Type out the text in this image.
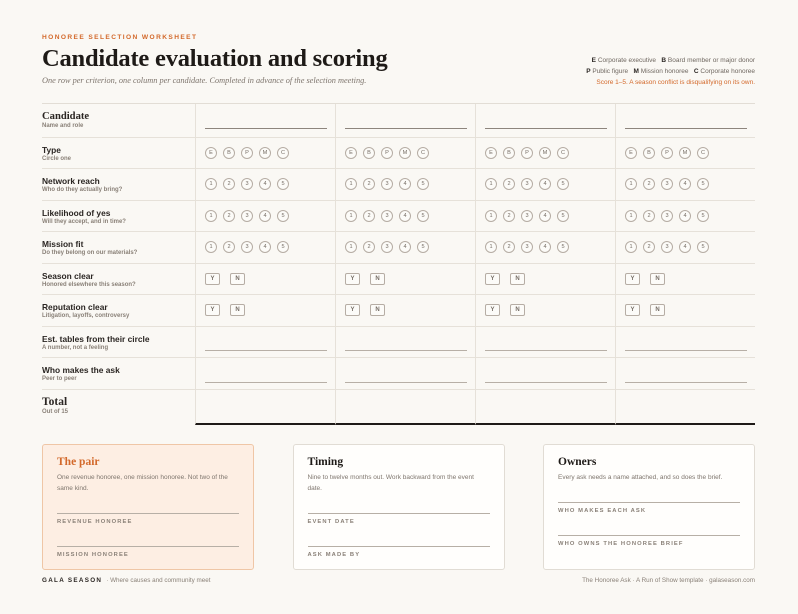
HONOREE SELECTION WORKSHEET
Candidate evaluation and scoring
One row per criterion, one column per candidate. Completed in advance of the selection meeting.
E Corporate executive B Board member or major donor
P Public figure M Mission honoree C Corporate honoree
Score 1–5. A season conflict is disqualifying on its own.
Candidate
Name and role
Type
Circle one
E	B	P	M	C	E	B	P	M	C	E	B	P	M	C	E	B	P	M	C
Network reach
Who do they actually bring?
1	2	3	4	5	1	2	3	4	5	1	2	3	4	5	1	2	3	4	5
Likelihood of yes
Will they accept, and in time?
1	2	3	4	5	1	2	3	4	5	1	2	3	4	5	1	2	3	4	5
Mission fit
Do they belong on our materials?
1	2	3	4	5	1	2	3	4	5	1	2	3	4	5	1	2	3	4	5
Season clear
Honored elsewhere this season?
Y	N	Y	N	Y	N	Y	N
Reputation clear
Litigation, layoffs, controversy
Y	N	Y	N	Y	N	Y	N
Est. tables from their circle
A number, not a feeling
Who makes the ask
Peer to peer
Total
Out of 15
The pair
One revenue honoree, one mission honoree. Not two of the same kind.
REVENUE HONOREE
MISSION HONOREE
Timing
Nine to twelve months out. Work backward from the event date.
EVENT DATE
ASK MADE BY
Owners
Every ask needs a name attached, and so does the brief.
WHO MAKES EACH ASK
WHO OWNS THE HONOREE BRIEF
GALA SEASON · Where causes and community meet	The Honoree Ask · A Run of Show template · galaseason.com
